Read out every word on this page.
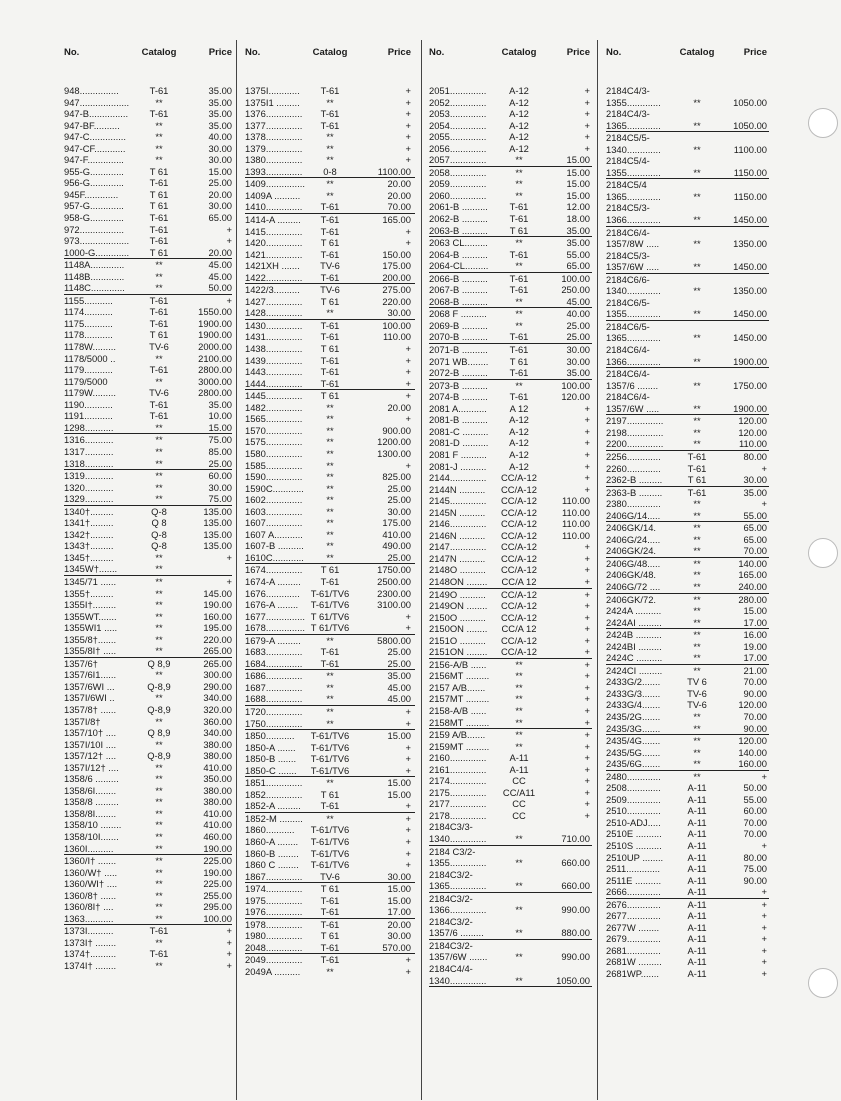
No.	Catalog	Price
948...............	T-61	35.00
947...................	**	35.00
947-B...............	T-61	35.00
947-BF..........	**	35.00
947-C..............	**	40.00
947-CF............	**	30.00
947-F..............	**	30.00
955-G.............	T 61	15.00
956-G.............	T-61	25.00
945F.............	T 61	20.00
957-G.............	T 61	30.00
958-G.............	T-61	65.00
972.................	T-61	+
973...................	T-61	+
1000-G.............	T 61	20.00
1148A.............	**	45.00
1148B.............	**	45.00
1148C.............	**	50.00
1155...........	T-61	+
1174...........	T-61	1550.00
1175...........	T-61	1900.00
1178...........	T 61	1900.00
1178W.........	TV-6	2000.00
1178/5000 ..	**	2100.00
1179...........	T-61	2800.00
1179/5000	**	3000.00
1179W.........	TV-6	2800.00
1190...........	T-61	35.00
1191...........	T-61	10.00
1298...........	**	15.00
1316...........	**	75.00
1317...........	**	85.00
1318...........	**	25.00
1319...........	**	60.00
1320...........	**	30.00
1329...........	**	75.00
1340†.........	Q-8	135.00
1341†.........	Q 8	135.00
1342†.........	Q-8	135.00
1343†.........	Q-8	135.00
1345†.........	**	+
1345W†.......	**
1345/71 ......	**	+
1355†.........	**	145.00
1355I†.........	**	190.00
1355WT.......	**	160.00
1355WI1 .....	**	195.00
1355/8†.......	**	220.00
1355/8I† .....	**	265.00
1357/6†	Q 8,9	265.00
1357/6I1......	**	300.00
1357/6WI ...	Q-8,9	290.00
1357I/6WI ..	**	340.00
1357/8† ......	Q-8,9	320.00
1357I/8†	**	360.00
1357/10† ....	Q 8,9	340.00
1357I/10I ....	**	380.00
1357/12† ....	Q-8,9	380.00
1357I/12† ....	**	410.00
1358/6 .........	**	350.00
1358/6I........	**	380.00
1358/8 .........	**	380.00
1358/8I........	**	410.00
1358/10 ........	**	410.00
1358/10I.......	**	460.00
1360I..........	**	190.00
1360/I† .......	**	225.00
1360/W† .....	**	190.00
1360/WI† ....	**	225.00
1360/8† ......	**	255.00
1360/8I† ....	**	295.00
1363...........	**	100.00
1373I..........	T-61	+
1373I† ........	**	+
1374†..........	T-61	+
1374I† ........	**	+
No.	Catalog	Price
1375I............	T-61	+
1375I1 .........	**	+
1376..............	T-61	+
1377..............	T-61	+
1378..............	**	+
1379..............	**	+
1380..............	**	+
1393..............	0-8	1100.00
1409...............	**	20.00
1409A ..........	**	20.00
1410..............	T-61	70.00
1414-A .........	T-61	165.00
1415..............	T-61	+
1420..............	T 61	+
1421..............	T-61	150.00
1421XH .......	TV-6	175.00
1422..............	T-61	200.00
1422/3..........	TV-6	275.00
1427..............	T 61	220.00
1428..............	**	30.00
1430..............	T-61	100.00
1431..............	T-61	110.00
1438..............	T 61	+
1439..............	T-61	+
1443..............	T-61	+
1444..............	T-61	+
1445..............	T 61	+
1482..............	**	20.00
1565..............	**	+
1570..............	**	900.00
1575..............	**	1200.00
1580..............	**	1300.00
1585..............	**	+
1590..............	**	825.00
1590C............	**	25.00
1602..............	**	25.00
1603..............	**	30.00
1607..............	**	175.00
1607 A...........	**	410.00
1607-B ..........	**	490.00
1610C............	**	25.00
1674..............	T 61	1750.00
1674-A .........	T-61	2500.00
1676.............	T-61/TV6	2300.00
1676-A ........	T-61/TV6	3100.00
1677............... T 61/TV6	+
1678............... T 61/TV6	+
1679-A .........	**	5800.00
1683..............	T-61	25.00
1684..............	T-61	25.00
1686..............	**	35.00
1687..............	**	45.00
1688..............	**	45.00
1720..............	**	+
1750..............	**	+
1850...........	T-61/TV6	15.00
1850-A .......	T-61/TV6	+
1850-B .......	T-61/TV6	+
1850-C .......	T-61/TV6	+
1851..............	**	15.00
1852..............	T 61	15.00
1852-A .........	T-61	+
1852-M .........	**	+
1860...........	T-61/TV6	+
1860-A ........	T-61/TV6	+
1860-B ........	T-61/TV6	+
1860 C ........	T-61/TV6	+
1867..............	TV-6	30.00
1974..............	T 61	15.00
1975..............	T-61	15.00
1976..............	T-61	17.00
1978..............	T-61	20.00
1980..............	T 61	30.00
2048..............	T-61	570.00
2049..............	T-61	+
2049A ..........	**	+
No.	Catalog	Price
2051..............	A-12	+
2052..............	A-12	+
2053..............	A-12	+
2054..............	A-12	+
2055..............	A-12	+
2056..............	A-12	+
2057..............	**	15.00
2058..............	**	15.00
2059..............	**	15.00
2060..............	**	15.00
2061-B ..........	T-61	12.00
2062-B ..........	T-61	18.00
2063-B ..........	T 61	35.00
2063 CL.........	**	35.00
2064-B ..........	T-61	55.00
2064-CL.........	**	65.00
2066-B ..........	T-61	100.00
2067-B ..........	T-61	250.00
2068-B ..........	**	45.00
2068 F ..........	**	40.00
2069-B ..........	**	25.00
2070-B ..........	T-61	25.00
2071-B ..........	T-61	30.00
2071 WB........	T 61	30.00
2072-B ..........	T-61	35.00
2073-B ..........	**	100.00
2074-B ..........	T-61	120.00
2081 A...........	A 12	+
2081-B ..........	A-12	+
2081-C ..........	A-12	+
2081-D ..........	A-12	+
2081 F ..........	A-12	+
2081-J ..........	A-12	+
2144..............	CC/A-12	+
2144N ..........	CC/A-12	+
2145..............	CC/A-12	110.00
2145N ..........	CC/A-12	110.00
2146..............	CC/A-12	110.00
2146N ..........	CC/A-12	110.00
2147..............	CC/A-12	+
2147N ..........	CC/A-12	+
2148O ..........	CC/A-12	+
2148ON ........	CC/A 12	+
2149O ..........	CC/A-12	+
2149ON ........	CC/A-12	+
2150O ..........	CC/A-12	+
2150ON ........	CC/A 12	+
2151O ..........	CC/A-12	+
2151ON ........	CC/A-12	+
2156-A/B ......	**	+
2156MT .........	**	+
2157 A/B.......	**	+
2157MT .........	**	+
2158-A/B ......	**	+
2158MT .........	**	+
2159 A/B.......	**	+
2159MT .........	**	+
2160..............	A-11	+
2161..............	A-11	+
2174..............	CC	+
2175..............	CC/A11	+
2177..............	CC	+
2178..............	CC	+
2184C3/3-
1340..............	**	710.00
2184 C3/2-
1355..............	**	660.00
2184C3/2-
1365..............	**	660.00
2184C3/2-
1366..............	**	990.00
2184C3/2-
1357/6 .........	**	880.00
2184C3/2-
1357/6W .......	**	990.00
2184C4/4-
1340..............	**	1050.00
No.	Catalog	Price
2184C4/3-
1355.............	**	1050.00
2184C4/3-
1365.............	**	1050.00
2184C5/5-
1340.............	**	1100.00
2184C5/4-
1355.............	**	1150.00
2184C5/4
1365.............	**	1150.00
2184C5/3-
1366.............	**	1450.00
2184C6/4-
1357/8W .....	**	1350.00
2184C5/3-
1357/6W .....	**	1450.00
2184C6/6-
1340.............	**	1350.00
2184C6/5-
1355.............	**	1450.00
2184C6/5-
1365.............	**	1450.00
2184C6/4-
1366.............	**	1900.00
2184C6/4-
1357/6 ........	**	1750.00
2184C6/4-
1357/6W .....	**	1900.00
2197..............	**	120.00
2198..............	**	120.00
2200..............	**	110.00
2256.............	T-61	80.00
2260.............	T-61	+
2362-B .........	T 61	30.00
2363-B .........	T-61	35.00
2380.............	**	+
2406G/14.....	**	55.00
2406GK/14.	**	65.00
2406G/24.....	**	65.00
2406GK/24.	**	70.00
2406G/48.....	**	140.00
2406GK/48.	**	165.00
2406G/72 ....	**	240.00
2406GK/72.	**	280.00
2424A ..........	**	15.00
2424AI .........	**	17.00
2424B ..........	**	16.00
2424BI .........	**	19.00
2424C ..........	**	17.00
2424CI .........	**	21.00
2433G/2.......	TV 6	70.00
2433G/3.......	TV-6	90.00
2433G/4.......	TV-6	120.00
2435/2G.......	**	70.00
2435/3G.......	**	90.00
2435/4G.......	**	120.00
2435/5G.......	**	140.00
2435/6G.......	**	160.00
2480.............	**	+
2508.............	A-11	50.00
2509.............	A-11	55.00
2510.............	A-11	60.00
2510-ADJ.....	A-11	70.00
2510E ..........	A-11	70.00
2510S ..........	A-11	+
2510UP ........	A-11	80.00
2511.............	A-11	75.00
2511E ..........	A-11	90.00
2666.............	A-11	+
2676.............	A-11	+
2677.............	A-11	+
2677W ........	A-11	+
2679.............	A-11	+
2681.............	A-11	+
2681W .........	A-11	+
2681WP.......	A-11	+
